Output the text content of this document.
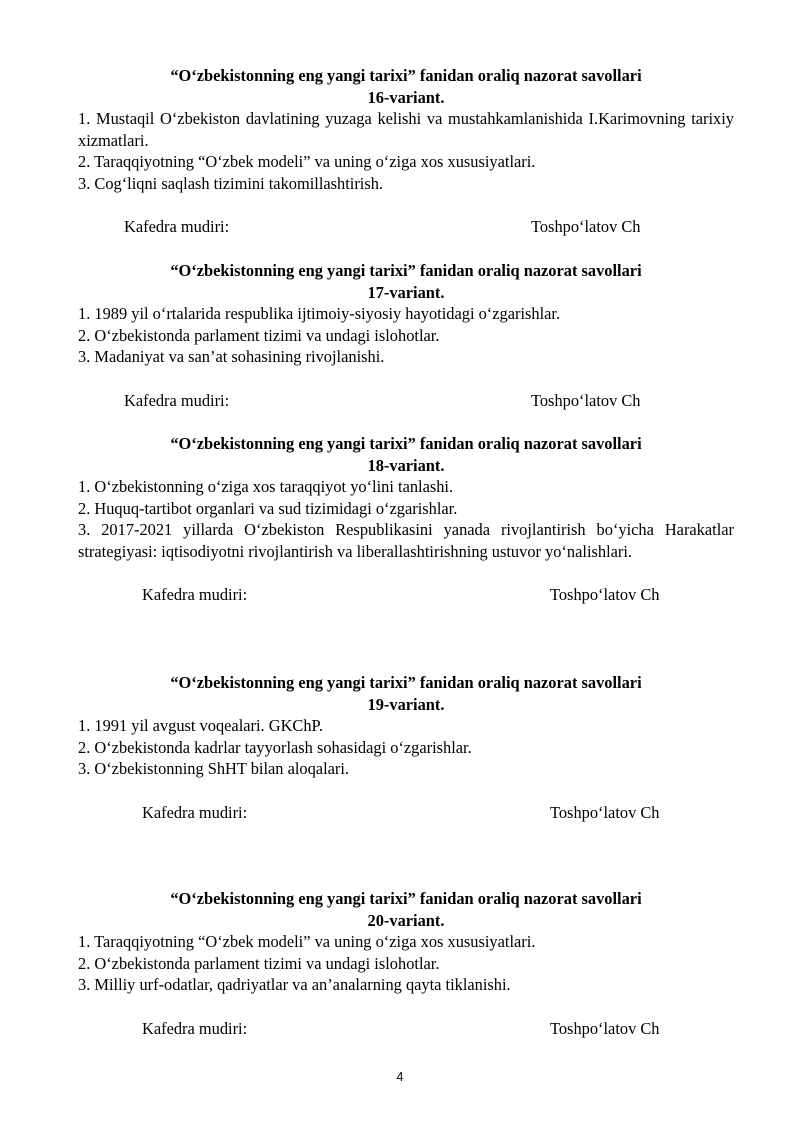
“O‘zbekistonning eng yangi tarixi” fanidan oraliq nazorat savollari
16-variant.
1. Mustaqil O‘zbekiston davlatining yuzaga kelishi va mustahkamlanishida I.Karimovning tarixiy xizmatlari.
2. Taraqqiyotning “O‘zbek modeli” va uning o‘ziga xos xususiyatlari.
3. Cog‘liqni saqlash tizimini takomillashtirish.
Kafedra mudiri:	Toshpo‘latov Ch
“O‘zbekistonning eng yangi tarixi” fanidan oraliq nazorat savollari
17-variant.
1. 1989 yil o‘rtalarida respublika ijtimoiy-siyosiy hayotidagi o‘zgarishlar.
2. O‘zbekistonda parlament tizimi va undagi islohotlar.
3. Madaniyat va san’at sohasining rivojlanishi.
Kafedra mudiri:	Toshpo‘latov Ch
“O‘zbekistonning eng yangi tarixi” fanidan oraliq nazorat savollari
18-variant.
1. O‘zbekistonning o‘ziga xos taraqqiyot yo‘lini tanlashi.
2. Huquq-tartibot organlari va sud tizimidagi o‘zgarishlar.
3. 2017-2021 yillarda O‘zbekiston Respublikasini yanada rivojlantirish bo‘yicha Harakatlar strategiyasi: iqtisodiyotni rivojlantirish va liberallashtirishning ustuvor yo‘nalishlari.
Kafedra mudiri:	Toshpo‘latov Ch
“O‘zbekistonning eng yangi tarixi” fanidan oraliq nazorat savollari
19-variant.
1. 1991 yil avgust voqealari. GKChP.
2. O‘zbekistonda kadrlar tayyorlash sohasidagi o‘zgarishlar.
3. O‘zbekistonning ShHT bilan aloqalari.
Kafedra mudiri:	Toshpo‘latov Ch
“O‘zbekistonning eng yangi tarixi” fanidan oraliq nazorat savollari
20-variant.
1. Taraqqiyotning “O‘zbek modeli” va uning o‘ziga xos xususiyatlari.
2. O‘zbekistonda parlament tizimi va undagi islohotlar.
3. Milliy urf-odatlar, qadriyatlar va an’analarning qayta tiklanishi.
Kafedra mudiri:	Toshpo‘latov Ch
4
